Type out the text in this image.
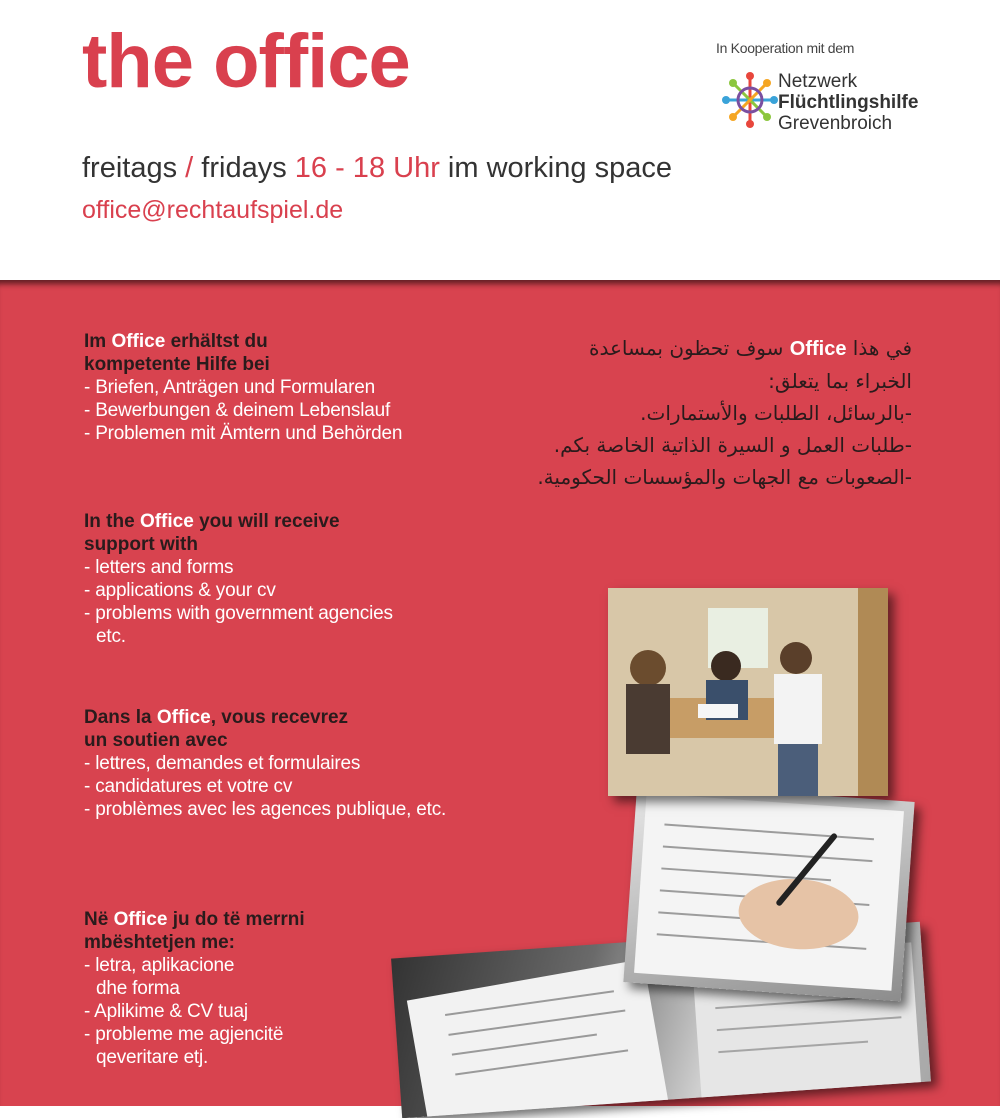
the office	In Kooperation mit dem
Netzwerk
Flüchtlingshilfe
Grevenbroich
freitags / fridays 16 - 18 Uhr im working space
office@rechtaufspiel.de
Im Office erhältst du
kompetente Hilfe bei
- Briefen, Anträgen und Formularen
- Bewerbungen & deinem Lebenslauf
- Problemen mit Ämtern und Behörden
في هذا Office سوف تحظون بمساعدة
الخبراء بما يتعلق:
-بالرسائل، الطلبات والأستمارات.
-طلبات العمل و السيرة الذاتية الخاصة بكم.
-الصعوبات مع الجهات والمؤسسات الحكومية.
In the Office you will receive
support with
- letters and forms
- applications & your cv
- problems with government agencies
etc.
Dans la Office, vous recevrez
un soutien avec
- lettres, demandes et formulaires
- candidatures et votre cv
- problèmes avec les agences publique, etc.
Në Office ju do të merrni
mbështetjen me:
- letra, aplikacione
dhe forma
- Aplikime & CV tuaj
- probleme me agjencitë
qeveritare etj.
